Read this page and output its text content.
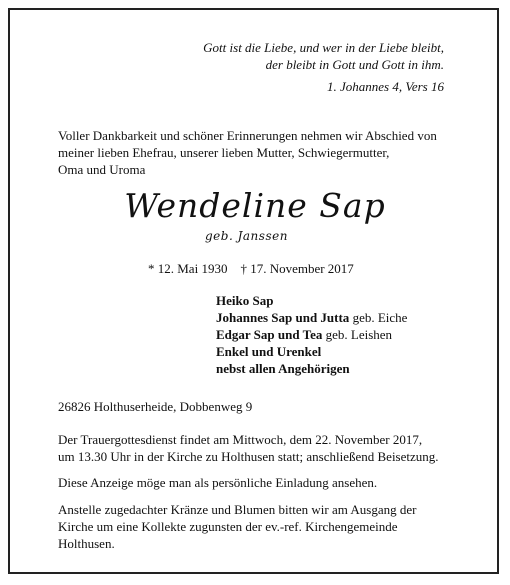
Gott ist die Liebe, und wer in der Liebe bleibt,
der bleibt in Gott und Gott in ihm.
1. Johannes 4, Vers 16
Voller Dankbarkeit und schöner Erinnerungen nehmen wir Abschied von
meiner lieben Ehefrau, unserer lieben Mutter, Schwiegermutter,
Oma und Uroma
Wendeline Sap
geb. Janssen
* 12. Mai 1930    † 17. November 2017
Heiko Sap
Johannes Sap und Jutta geb. Eiche
Edgar Sap und Tea geb. Leishen
Enkel und Urenkel
nebst allen Angehörigen
26826 Holthuserheide, Dobbenweg 9
Der Trauergottesdienst findet am Mittwoch, dem 22. November 2017,
um 13.30 Uhr in der Kirche zu Holthusen statt; anschließend Beisetzung.
Diese Anzeige möge man als persönliche Einladung ansehen.
Anstelle zugedachter Kränze und Blumen bitten wir am Ausgang der
Kirche um eine Kollekte zugunsten der ev.-ref. Kirchengemeinde
Holthusen.
